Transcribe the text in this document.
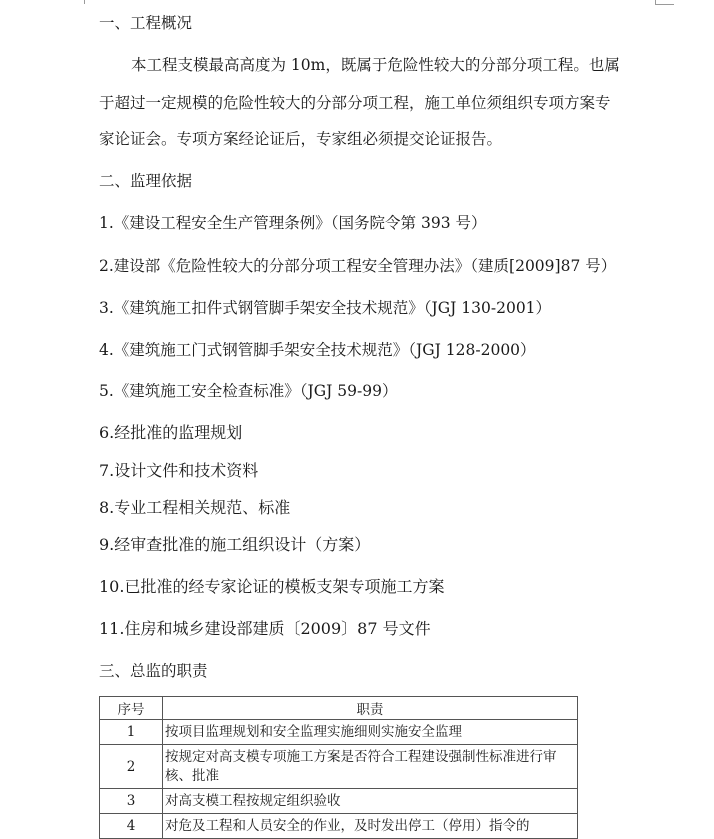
一、工程概况
本工程支模最高高度为 10m，既属于危险性较大的分部分项工程。也属
于超过一定规模的危险性较大的分部分项工程，施工单位须组织专项方案专
家论证会。专项方案经论证后，专家组必须提交论证报告。
二、监理依据
1.《建设工程安全生产管理条例》（国务院令第 393 号）
2.建设部《危险性较大的分部分项工程安全管理办法》（建质[2009]87 号）
3.《建筑施工扣件式钢管脚手架安全技术规范》（JGJ 130-2001）
4.《建筑施工门式钢管脚手架安全技术规范》（JGJ 128-2000）
5.《建筑施工安全检查标准》（JGJ 59-99）
6.经批准的监理规划
7.设计文件和技术资料
8.专业工程相关规范、标准
9.经审查批准的施工组织设计（方案）
10.已批准的经专家论证的模板支架专项施工方案
11.住房和城乡建设部建质〔2009〕87 号文件
三、总监的职责
序号	职责
1	按项目监理规划和安全监理实施细则实施安全监理
2	按规定对高支模专项施工方案是否符合工程建设强制性标准进行审核、批准
3	对高支模工程按规定组织验收
4	对危及工程和人员安全的作业，及时发出停工（停用）指令的
